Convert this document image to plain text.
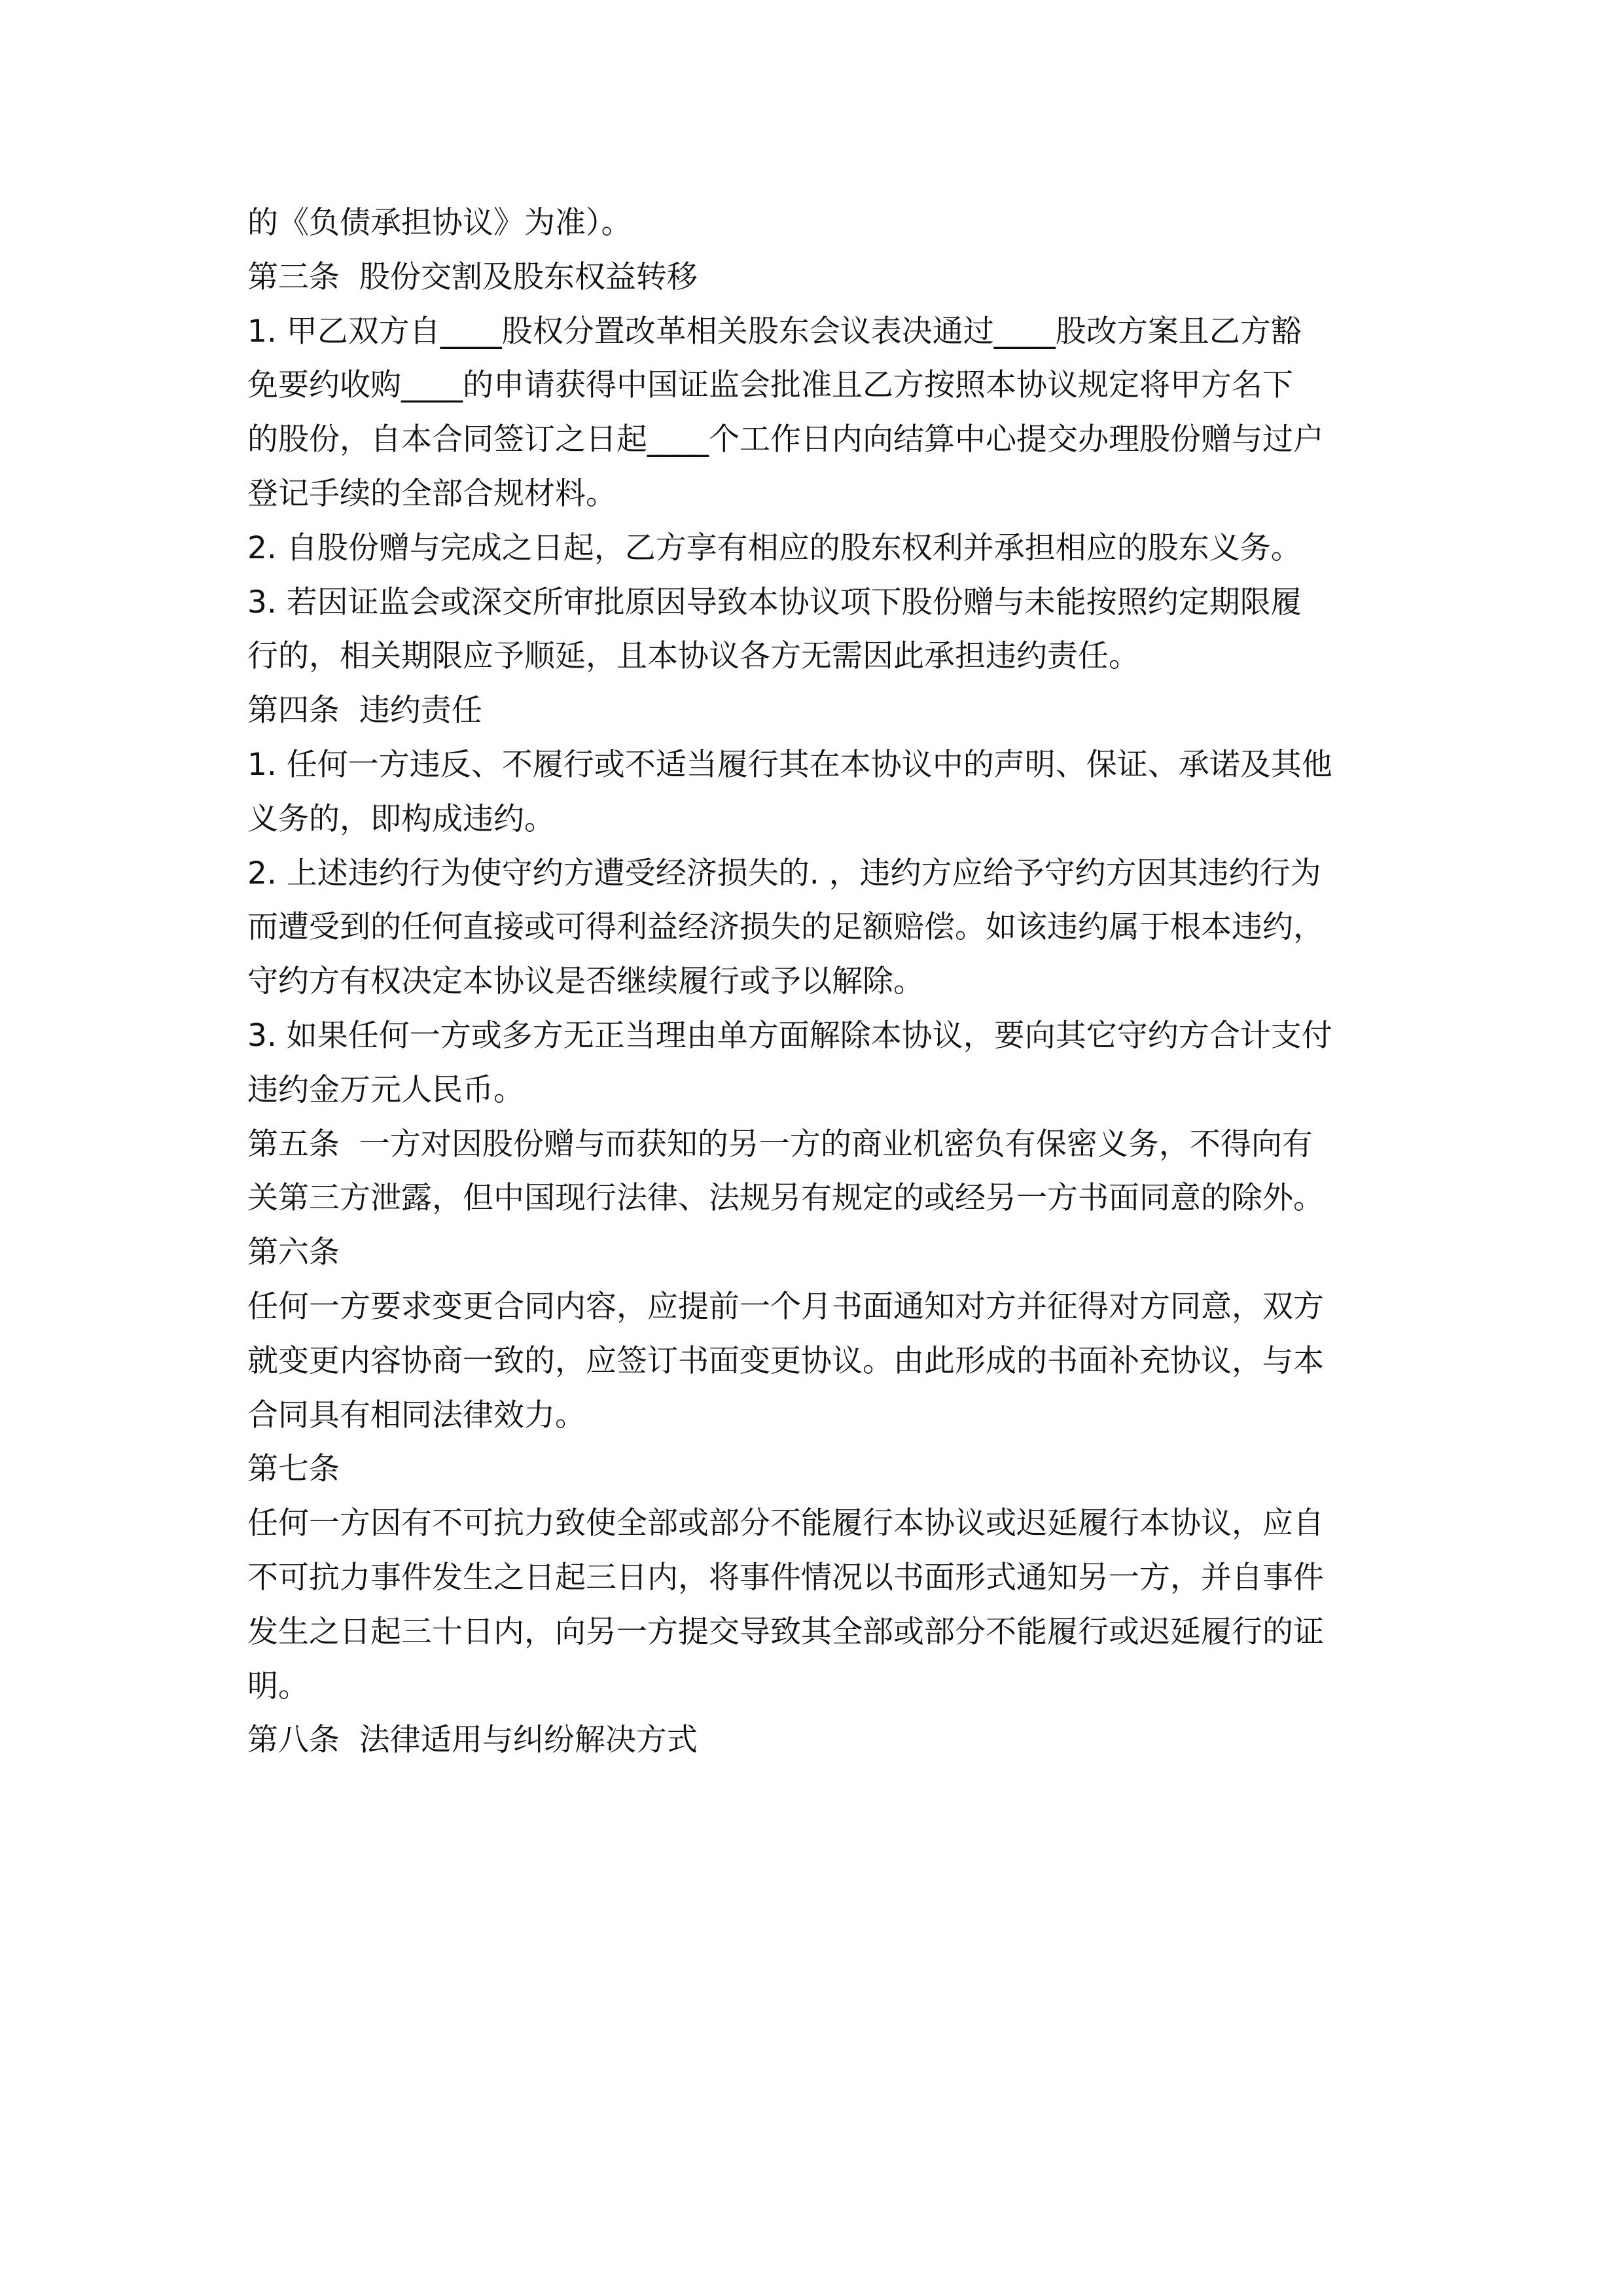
的《负债承担协议》为准）。

第三条  股份交割及股东权益转移

1. 甲乙双方自____股权分置改革相关股东会议表决通过____股改方案且乙方豁

免要约收购____的申请获得中国证监会批准且乙方按照本协议规定将甲方名下

的股份，自本合同签订之日起____个工作日内向结算中心提交办理股份赠与过户

登记手续的全部合规材料。

2. 自股份赠与完成之日起，乙方享有相应的股东权利并承担相应的股东义务。

3. 若因证监会或深交所审批原因导致本协议项下股份赠与未能按照约定期限履

行的，相关期限应予顺延，且本协议各方无需因此承担违约责任。

第四条  违约责任

1. 任何一方违反、不履行或不适当履行其在本协议中的声明、保证、承诺及其他

义务的，即构成违约。

2. 上述违约行为使守约方遭受经济损失的. ，违约方应给予守约方因其违约行为

而遭受到的任何直接或可得利益经济损失的足额赔偿。如该违约属于根本违约，

守约方有权决定本协议是否继续履行或予以解除。

3. 如果任何一方或多方无正当理由单方面解除本协议，要向其它守约方合计支付

违约金万元人民币。

第五条  一方对因股份赠与而获知的另一方的商业机密负有保密义务，不得向有

关第三方泄露，但中国现行法律、法规另有规定的或经另一方书面同意的除外。

第六条

任何一方要求变更合同内容，应提前一个月书面通知对方并征得对方同意，双方

就变更内容协商一致的，应签订书面变更协议。由此形成的书面补充协议，与本

合同具有相同法律效力。

第七条

任何一方因有不可抗力致使全部或部分不能履行本协议或迟延履行本协议，应自

不可抗力事件发生之日起三日内，将事件情况以书面形式通知另一方，并自事件

发生之日起三十日内，向另一方提交导致其全部或部分不能履行或迟延履行的证

明。

第八条  法律适用与纠纷解决方式
